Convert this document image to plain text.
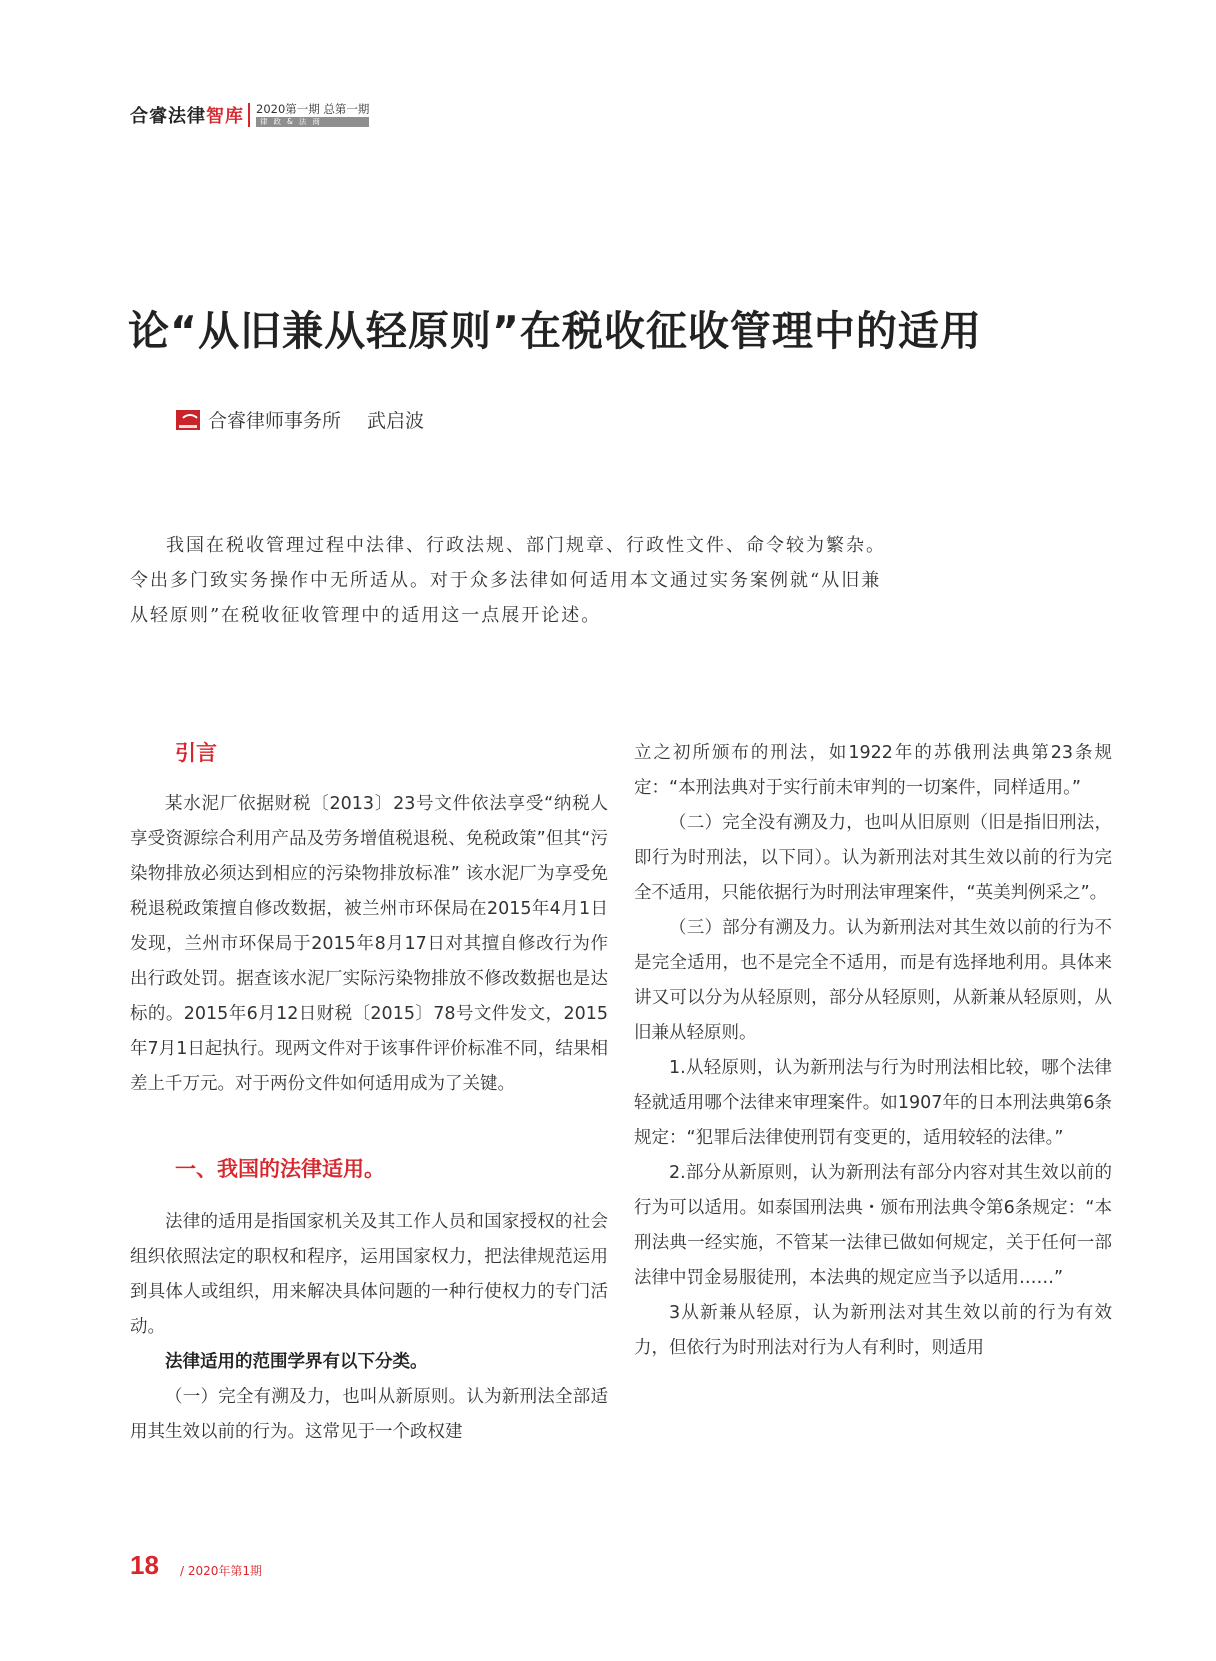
合睿法律智库 2020第一期 总第一期
律政&法商
论“从旧兼从轻原则”在税收征收管理中的适用
合睿律师事务所 武启波

我国在税收管理过程中法律、行政法规、部门规章、行政性文件、命令较为繁杂。令出多门致实务操作中无所适从。对于众多法律如何适用本文通过实务案例就“从旧兼从轻原则”在税收征收管理中的适用这一点展开论述。

引言

某水泥厂依据财税〔2013〕23号文件依法享受“纳税人享受资源综合利用产品及劳务增值税退税、免税政策”但其“污染物排放必须达到相应的污染物排放标准” 该水泥厂为享受免税退税政策擅自修改数据，被兰州市环保局在2015年4月1日发现，兰州市环保局于2015年8月17日对其擅自修改行为作出行政处罚。据查该水泥厂实际污染物排放不修改数据也是达标的。2015年6月12日财税〔2015〕78号文件发文，2015年7月1日起执行。现两文件对于该事件评价标准不同，结果相差上千万元。对于两份文件如何适用成为了关键。

一、我国的法律适用。

法律的适用是指国家机关及其工作人员和国家授权的社会组织依照法定的职权和程序，运用国家权力，把法律规范运用到具体人或组织，用来解决具体问题的一种行使权力的专门活动。

法律适用的范围学界有以下分类。

（一）完全有溯及力，也叫从新原则。认为新刑法全部适用其生效以前的行为。这常见于一个政权建

立之初所颁布的刑法，如1922年的苏俄刑法典第23条规定：“本刑法典对于实行前未审判的一切案件，同样适用。”

（二）完全没有溯及力，也叫从旧原则（旧是指旧刑法，即行为时刑法，以下同）。认为新刑法对其生效以前的行为完全不适用，只能依据行为时刑法审理案件，“英美判例采之”。

（三）部分有溯及力。认为新刑法对其生效以前的行为不是完全适用，也不是完全不适用，而是有选择地利用。具体来讲又可以分为从轻原则，部分从轻原则，从新兼从轻原则，从旧兼从轻原则。

1.从轻原则，认为新刑法与行为时刑法相比较，哪个法律轻就适用哪个法律来审理案件。如1907年的日本刑法典第6条规定：“犯罪后法律使刑罚有变更的，适用较轻的法律。”

2.部分从新原则，认为新刑法有部分内容对其生效以前的行为可以适用。如泰国刑法典・颁布刑法典令第6条规定：“本刑法典一经实施，不管某一法律已做如何规定，关于任何一部法律中罚金易服徒刑，本法典的规定应当予以适用……”

3从新兼从轻原，认为新刑法对其生效以前的行为有效力，但依行为时刑法对行为人有利时，则适用

18 / 2020年第1期
